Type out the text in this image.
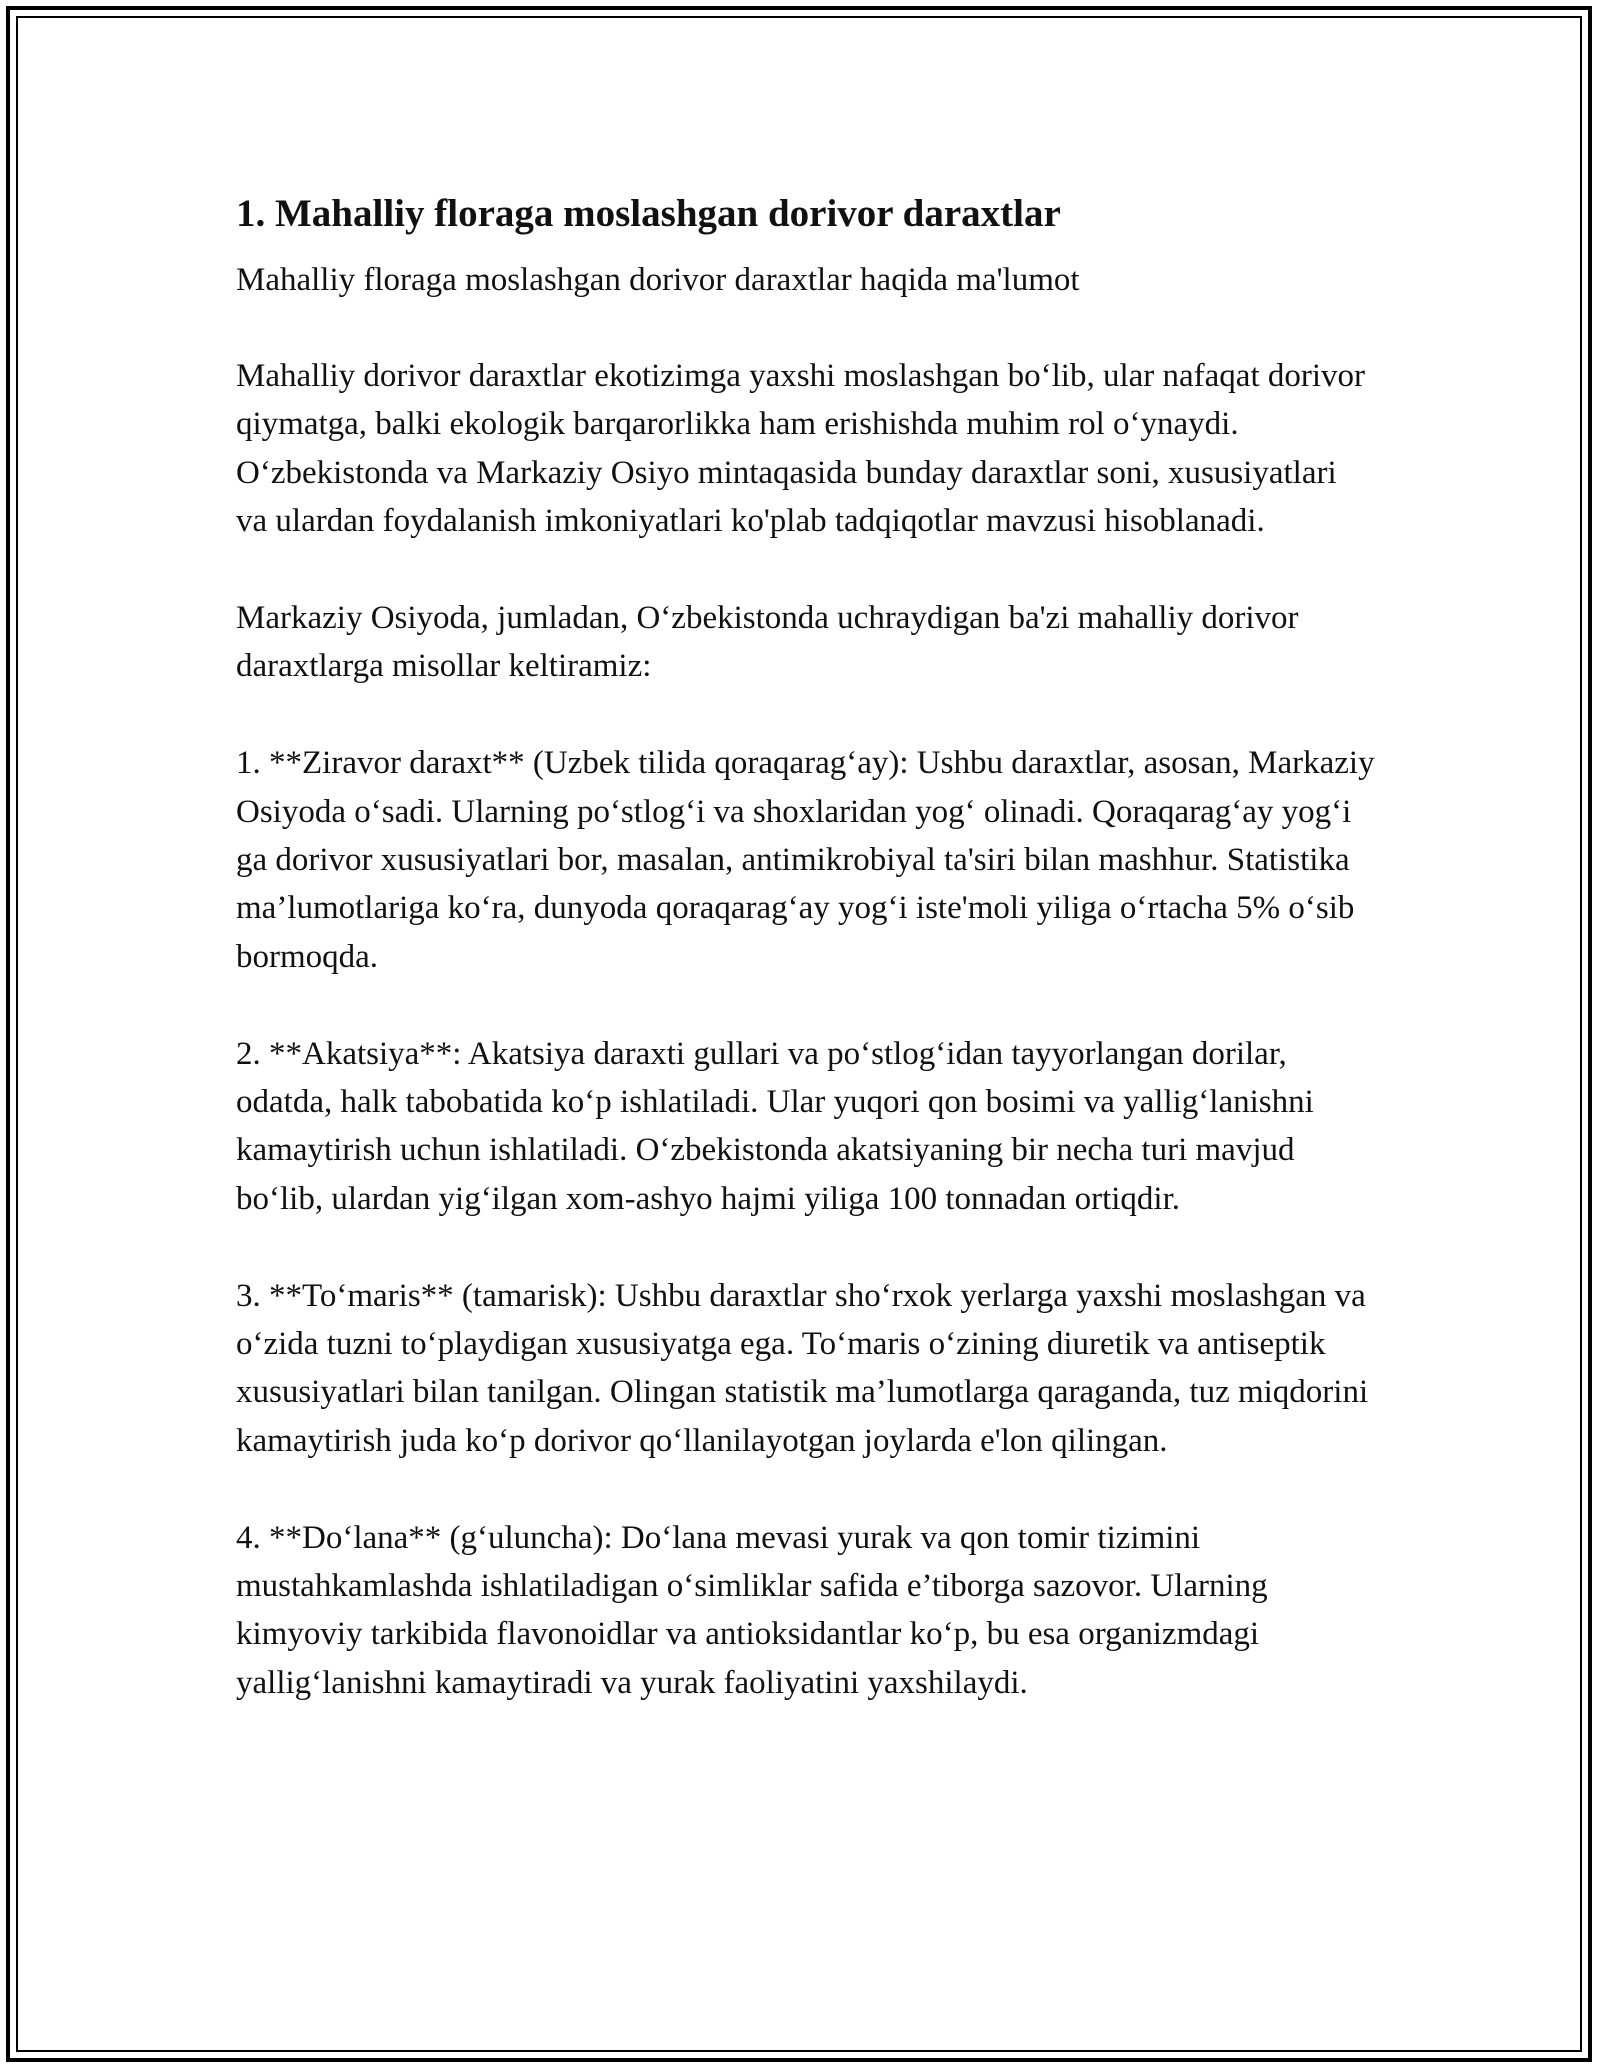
1. Mahalliy floraga moslashgan dorivor daraxtlar

Mahalliy floraga moslashgan dorivor daraxtlar haqida ma'lumot

Mahalliy dorivor daraxtlar ekotizimga yaxshi moslashgan bo‘lib, ular nafaqat dorivor qiymatga, balki ekologik barqarorlikka ham erishishda muhim rol o‘ynaydi. O‘zbekistonda va Markaziy Osiyo mintaqasida bunday daraxtlar soni, xususiyatlari va ulardan foydalanish imkoniyatlari ko'plab tadqiqotlar mavzusi hisoblanadi.

Markaziy Osiyoda, jumladan, O‘zbekistonda uchraydigan ba'zi mahalliy dorivor daraxtlarga misollar keltiramiz:

1. **Ziravor daraxt** (Uzbek tilida qoraqarag‘ay): Ushbu daraxtlar, asosan, Markaziy Osiyoda o‘sadi. Ularning po‘stlog‘i va shoxlaridan yog‘ olinadi. Qoraqarag‘ay yog‘i ga dorivor xususiyatlari bor, masalan, antimikrobiyal ta'siri bilan mashhur. Statistika ma’lumotlariga ko‘ra, dunyoda qoraqarag‘ay yog‘i iste'moli yiliga o‘rtacha 5% o‘sib bormoqda.

2. **Akatsiya**: Akatsiya daraxti gullari va po‘stlog‘idan tayyorlangan dorilar, odatda, halk tabobatida ko‘p ishlatiladi. Ular yuqori qon bosimi va yallig‘lanishni kamaytirish uchun ishlatiladi. O‘zbekistonda akatsiyaning bir necha turi mavjud bo‘lib, ulardan yig‘ilgan xom-ashyo hajmi yiliga 100 tonnadan ortiqdir.

3. **To‘maris** (tamarisk): Ushbu daraxtlar sho‘rxok yerlarga yaxshi moslashgan va o‘zida tuzni to‘playdigan xususiyatga ega. To‘maris o‘zining diuretik va antiseptik xususiyatlari bilan tanilgan. Olingan statistik ma’lumotlarga qaraganda, tuz miqdorini kamaytirish juda ko‘p dorivor qo‘llanilayotgan joylarda e'lon qilingan.

4. **Do‘lana** (g‘uluncha): Do‘lana mevasi yurak va qon tomir tizimini mustahkamlashda ishlatiladigan o‘simliklar safida e’tiborga sazovor. Ularning kimyoviy tarkibida flavonoidlar va antioksidantlar ko‘p, bu esa organizmdagi yallig‘lanishni kamaytiradi va yurak faoliyatini yaxshilaydi.
